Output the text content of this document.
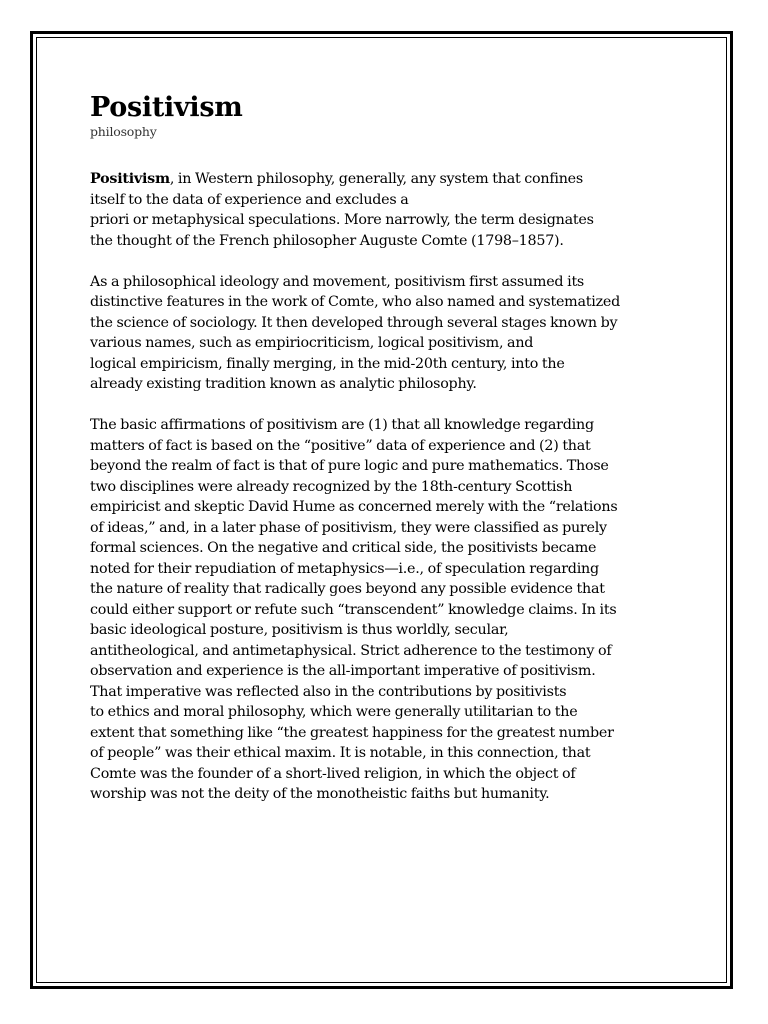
Positivism

philosophy

Positivism, in Western philosophy, generally, any system that confines
itself to the data of experience and excludes a
priori or metaphysical speculations. More narrowly, the term designates
the thought of the French philosopher Auguste Comte (1798–1857).

As a philosophical ideology and movement, positivism first assumed its
distinctive features in the work of Comte, who also named and systematized
the science of sociology. It then developed through several stages known by
various names, such as empiriocriticism, logical positivism, and
logical empiricism, finally merging, in the mid-20th century, into the
already existing tradition known as analytic philosophy.

The basic affirmations of positivism are (1) that all knowledge regarding
matters of fact is based on the “positive” data of experience and (2) that
beyond the realm of fact is that of pure logic and pure mathematics. Those
two disciplines were already recognized by the 18th-century Scottish
empiricist and skeptic David Hume as concerned merely with the “relations
of ideas,” and, in a later phase of positivism, they were classified as purely
formal sciences. On the negative and critical side, the positivists became
noted for their repudiation of metaphysics—i.e., of speculation regarding
the nature of reality that radically goes beyond any possible evidence that
could either support or refute such “transcendent” knowledge claims. In its
basic ideological posture, positivism is thus worldly, secular,
antitheological, and antimetaphysical. Strict adherence to the testimony of
observation and experience is the all-important imperative of positivism.
That imperative was reflected also in the contributions by positivists
to ethics and moral philosophy, which were generally utilitarian to the
extent that something like “the greatest happiness for the greatest number
of people” was their ethical maxim. It is notable, in this connection, that
Comte was the founder of a short-lived religion, in which the object of
worship was not the deity of the monotheistic faiths but humanity.
